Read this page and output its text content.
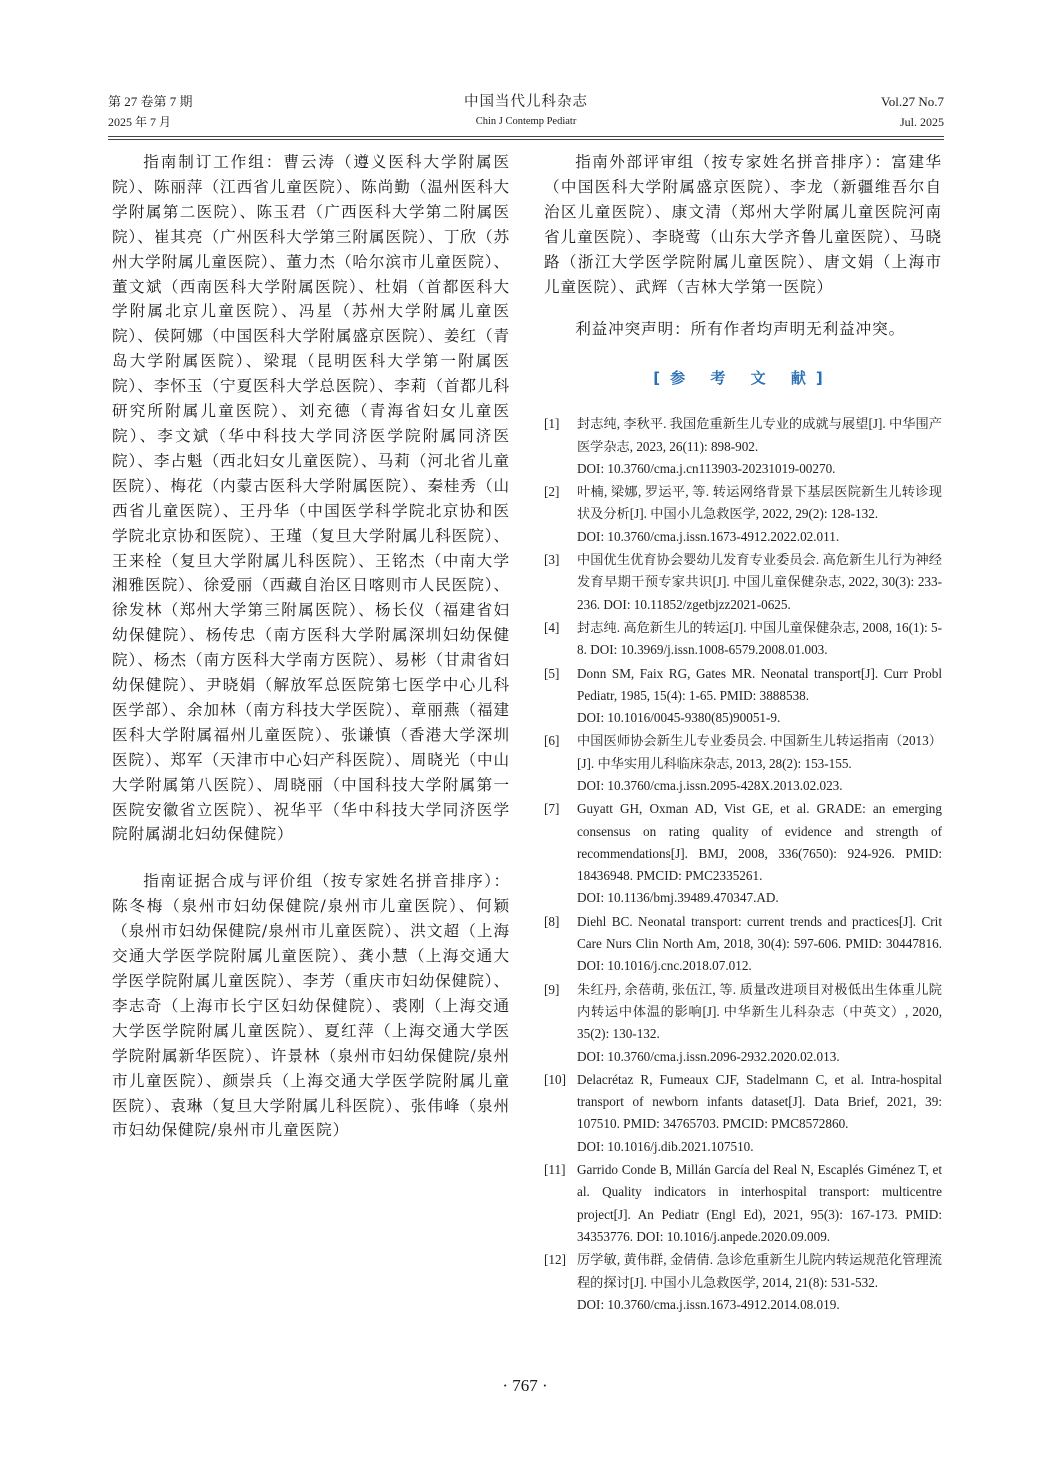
第 27 卷第 7 期
2025 年 7 月
中国当代儿科杂志
Chin J Contemp Pediatr
Vol.27 No.7
Jul. 2025

指南制订工作组：曹云涛（遵义医科大学附属医院）、陈丽萍（江西省儿童医院）、陈尚勤（温州医科大学附属第二医院）、陈玉君（广西医科大学第二附属医院）、崔其亮（广州医科大学第三附属医院）、丁欣（苏州大学附属儿童医院）、董力杰（哈尔滨市儿童医院）、董文斌（西南医科大学附属医院）、杜娟（首都医科大学附属北京儿童医院）、冯星（苏州大学附属儿童医院）、侯阿娜（中国医科大学附属盛京医院）、姜红（青岛大学附属医院）、梁琨（昆明医科大学第一附属医院）、李怀玉（宁夏医科大学总医院）、李莉（首都儿科研究所附属儿童医院）、刘充德（青海省妇女儿童医院）、李文斌（华中科技大学同济医学院附属同济医院）、李占魁（西北妇女儿童医院）、马莉（河北省儿童医院）、梅花（内蒙古医科大学附属医院）、秦桂秀（山西省儿童医院）、王丹华（中国医学科学院北京协和医学院北京协和医院）、王瑾（复旦大学附属儿科医院）、王来栓（复旦大学附属儿科医院）、王铭杰（中南大学湘雅医院）、徐爱丽（西藏自治区日喀则市人民医院）、徐发林（郑州大学第三附属医院）、杨长仪（福建省妇幼保健院）、杨传忠（南方医科大学附属深圳妇幼保健院）、杨杰（南方医科大学南方医院）、易彬（甘肃省妇幼保健院）、尹晓娟（解放军总医院第七医学中心儿科医学部）、余加林（南方科技大学医院）、章丽燕（福建医科大学附属福州儿童医院）、张谦慎（香港大学深圳医院）、郑军（天津市中心妇产科医院）、周晓光（中山大学附属第八医院）、周晓丽（中国科技大学附属第一医院安徽省立医院）、祝华平（华中科技大学同济医学院附属湖北妇幼保健院）

指南证据合成与评价组（按专家姓名拼音排序）：陈冬梅（泉州市妇幼保健院/泉州市儿童医院）、何颖（泉州市妇幼保健院/泉州市儿童医院）、洪文超（上海交通大学医学院附属儿童医院）、龚小慧（上海交通大学医学院附属儿童医院）、李芳（重庆市妇幼保健院）、李志奇（上海市长宁区妇幼保健院）、裘刚（上海交通大学医学院附属儿童医院）、夏红萍（上海交通大学医学院附属新华医院）、许景林（泉州市妇幼保健院/泉州市儿童医院）、颜崇兵（上海交通大学医学院附属儿童医院）、袁琳（复旦大学附属儿科医院）、张伟峰（泉州市妇幼保健院/泉州市儿童医院）

指南外部评审组（按专家姓名拼音排序）：富建华（中国医科大学附属盛京医院）、李龙（新疆维吾尔自治区儿童医院）、康文清（郑州大学附属儿童医院河南省儿童医院）、李晓莺（山东大学齐鲁儿童医院）、马晓路（浙江大学医学院附属儿童医院）、唐文娟（上海市儿童医院）、武辉（吉林大学第一医院）

利益冲突声明：所有作者均声明无利益冲突。

[参 考 文 献]
[1] 封志纯, 李秋平. 我国危重新生儿专业的成就与展望[J]. 中华围产医学杂志, 2023, 26(11): 898-902.
DOI: 10.3760/cma.j.cn113903-20231019-00270.
[2] 叶楠, 梁娜, 罗运平, 等. 转运网络背景下基层医院新生儿转诊现状及分析[J]. 中国小儿急救医学, 2022, 29(2): 128-132.
DOI: 10.3760/cma.j.issn.1673-4912.2022.02.011.
[3] 中国优生优育协会婴幼儿发育专业委员会. 高危新生儿行为神经发育早期干预专家共识[J]. 中国儿童保健杂志, 2022, 30(3): 233-236. DOI: 10.11852/zgetbjzz2021-0625.
[4] 封志纯. 高危新生儿的转运[J]. 中国儿童保健杂志, 2008, 16(1): 5-8. DOI: 10.3969/j.issn.1008-6579.2008.01.003.
[5] Donn SM, Faix RG, Gates MR. Neonatal transport[J]. Curr Probl Pediatr, 1985, 15(4): 1-65. PMID: 3888538.
DOI: 10.1016/0045-9380(85)90051-9.
[6] 中国医师协会新生儿专业委员会. 中国新生儿转运指南（2013）[J]. 中华实用儿科临床杂志, 2013, 28(2): 153-155.
DOI: 10.3760/cma.j.issn.2095-428X.2013.02.023.
[7] Guyatt GH, Oxman AD, Vist GE, et al. GRADE: an emerging consensus on rating quality of evidence and strength of recommendations[J]. BMJ, 2008, 336(7650): 924-926. PMID: 18436948. PMCID: PMC2335261.
DOI: 10.1136/bmj.39489.470347.AD.
[8] Diehl BC. Neonatal transport: current trends and practices[J]. Crit Care Nurs Clin North Am, 2018, 30(4): 597-606. PMID: 30447816. DOI: 10.1016/j.cnc.2018.07.012.
[9] 朱红丹, 余蓓萌, 张伍江, 等. 质量改进项目对极低出生体重儿院内转运中体温的影响[J]. 中华新生儿科杂志（中英文）, 2020, 35(2): 130-132.
DOI: 10.3760/cma.j.issn.2096-2932.2020.02.013.
[10] Delacrétaz R, Fumeaux CJF, Stadelmann C, et al. Intra-hospital transport of newborn infants dataset[J]. Data Brief, 2021, 39: 107510. PMID: 34765703. PMCID: PMC8572860.
DOI: 10.1016/j.dib.2021.107510.
[11] Garrido Conde B, Millán García del Real N, Escaplés Giménez T, et al. Quality indicators in interhospital transport: multicentre project[J]. An Pediatr (Engl Ed), 2021, 95(3): 167-173. PMID: 34353776. DOI: 10.1016/j.anpede.2020.09.009.
[12] 厉学敏, 黄伟群, 金倩倩. 急诊危重新生儿院内转运规范化管理流程的探讨[J]. 中国小儿急救医学, 2014, 21(8): 531-532.
DOI: 10.3760/cma.j.issn.1673-4912.2014.08.019.
· 767 ·
